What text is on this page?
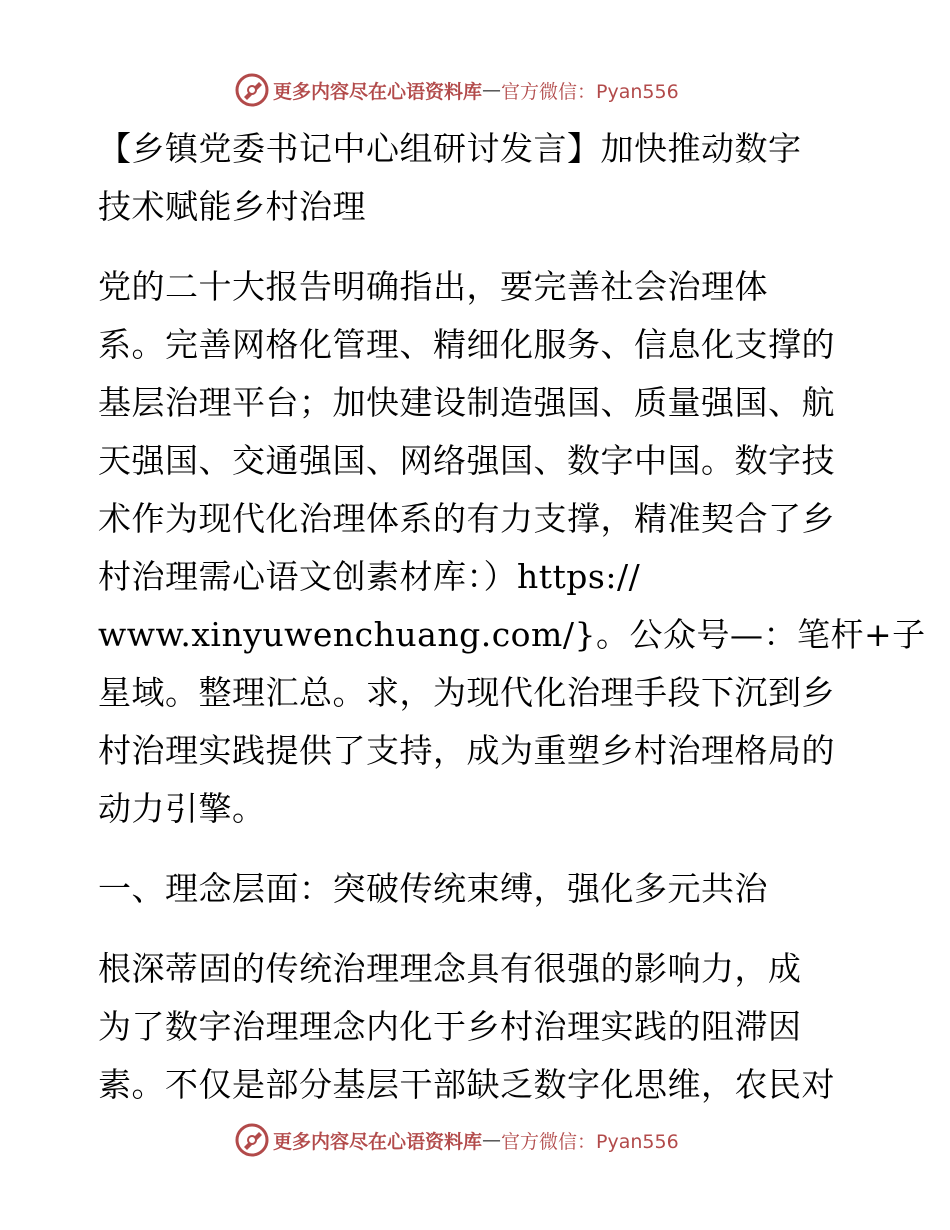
更多内容尽在心语资料库 — 官方微信：Pyan556
【乡镇党委书记中心组研讨发言】加快推动数字
技术赋能乡村治理
党的二十大报告明确指出，要完善社会治理体
系。完善网格化管理、精细化服务、信息化支撑的
基层治理平台；加快建设制造强国、质量强国、航
天强国、交通强国、网络强国、数字中国。数字技
术作为现代化治理体系的有力支撑，精准契合了乡
村治理需心语文创素材库：）https://
www.xinyuwenchuang.com/}。公众号—：笔杆+子
星域。整理汇总。求，为现代化治理手段下沉到乡
村治理实践提供了支持，成为重塑乡村治理格局的
动力引擎。
一、理念层面：突破传统束缚，强化多元共治
根深蒂固的传统治理理念具有很强的影响力，成
为了数字治理理念内化于乡村治理实践的阻滞因
素。不仅是部分基层干部缺乏数字化思维，农民对
更多内容尽在心语资料库 — 官方微信：Pyan556
